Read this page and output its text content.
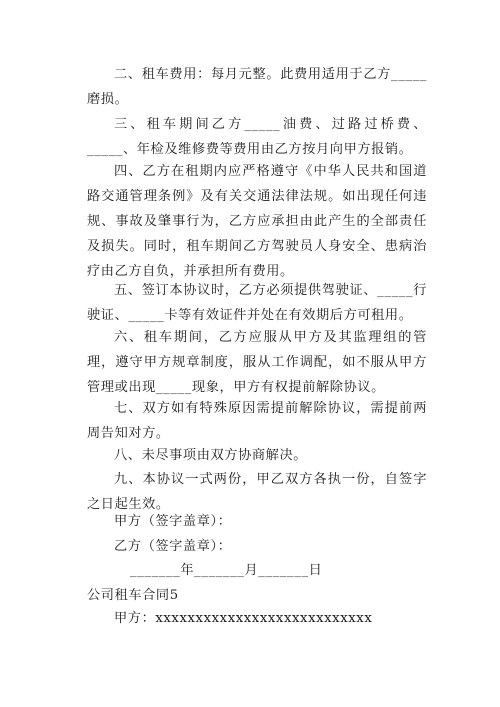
二、租车费用：每月元整。此费用适用于乙方_____磨损。

三、租车期间乙方_____油费、过路过桥费、_____、年检及维修费等费用由乙方按月向甲方报销。

四、乙方在租期内应严格遵守《中华人民共和国道路交通管理条例》及有关交通法律法规。如出现任何违规、事故及肇事行为，乙方应承担由此产生的全部责任及损失。同时，租车期间乙方驾驶员人身安全、患病治疗由乙方自负，并承担所有费用。

五、签订本协议时，乙方必须提供驾驶证、_____行驶证、_____卡等有效证件并处在有效期后方可租用。

六、租车期间，乙方应服从甲方及其监理组的管理，遵守甲方规章制度，服从工作调配，如不服从甲方管理或出现_____现象，甲方有权提前解除协议。

七、双方如有特殊原因需提前解除协议，需提前两周告知对方。

八、未尽事项由双方协商解决。

九、本协议一式两份，甲乙双方各执一份，自签字之日起生效。

甲方（签字盖章）：

乙方（签字盖章）：

_______年_______月_______日

公司租车合同5

甲方：xxxxxxxxxxxxxxxxxxxxxxxxxxx
